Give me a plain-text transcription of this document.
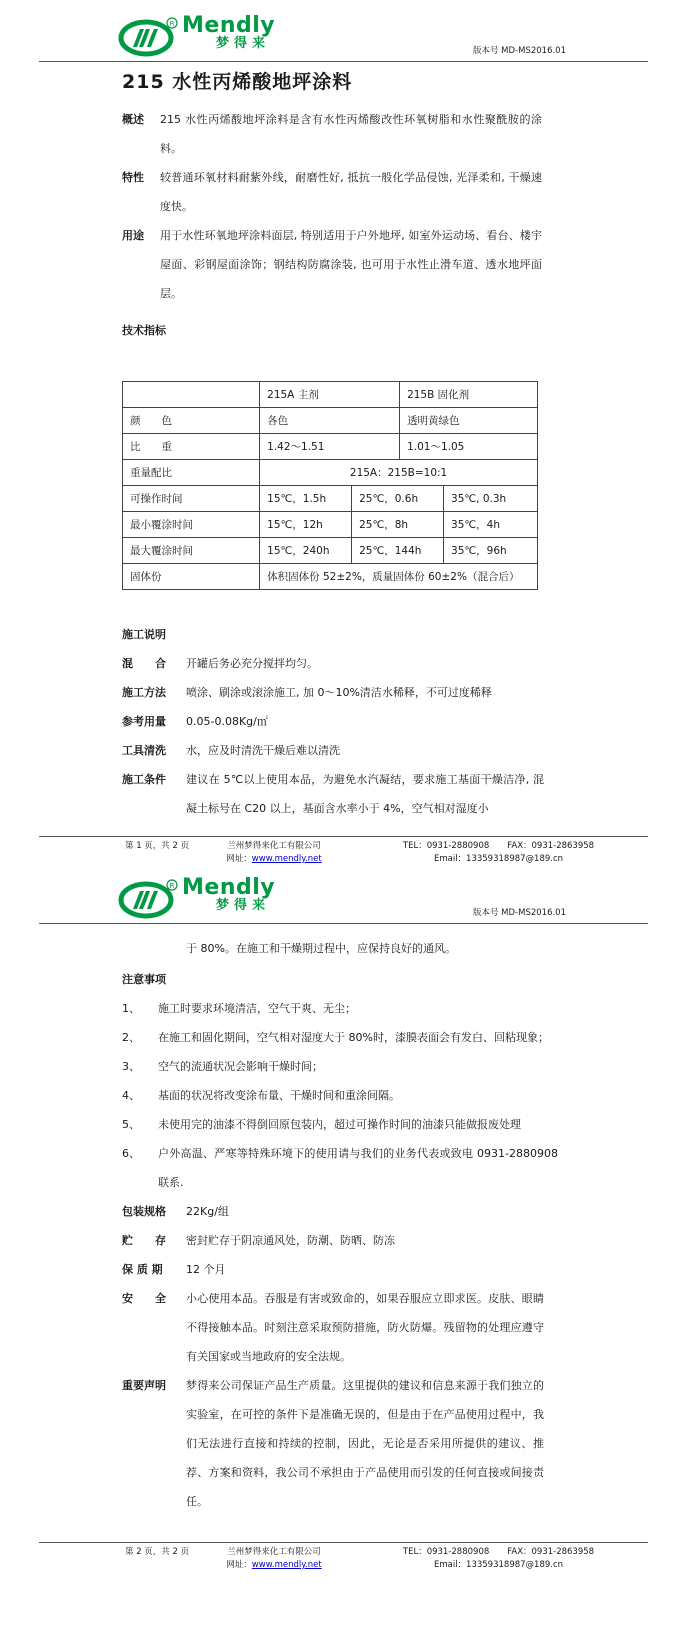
R Mendly
梦得来	版本号 MD-MS2016.01
215 水性丙烯酸地坪涂料
概述	215 水性丙烯酸地坪涂料是含有水性丙烯酸改性环氧树脂和水性聚酰胺的涂料。
特性	较普通环氧材料耐紫外线，耐磨性好, 抵抗一般化学品侵蚀, 光泽柔和, 干燥速度快。
用途	用于水性环氧地坪涂料面层, 特别适用于户外地坪, 如室外运动场、看台、楼宇屋面、彩钢屋面涂饰；钢结构防腐涂装, 也可用于水性止滑车道、透水地坪面层。
技术指标
	215A 主剂		215B 固化剂	
颜　　色	各色		透明黄绿色	
比　　重	1.42～1.51		1.01～1.05	
重量配比	215A：215B=10:1			
可操作时间	15℃，1.5h	25℃，0.6h		35℃, 0.3h
最小覆涂时间	15℃，12h	25℃，8h		35℃，4h
最大覆涂时间	15℃，240h	25℃，144h		35℃，96h
固体份	体积固体份 52±2%，质量固体份 60±2%（混合后）			
施工说明
混　　合	开罐后务必充分搅拌均匀。
施工方法	喷涂、刷涂或滚涂施工, 加 0～10%清洁水稀释，不可过度稀释
参考用量	0.05-0.08Kg/㎡
工具清洗	水，应及时清洗干燥后难以清洗
施工条件	建议在 5℃以上使用本品，为避免水汽凝结，要求施工基面干燥洁净, 混凝土标号在 C20 以上，基面含水率小于 4%，空气相对湿度小
第 1 页，共 2 页	兰州梦得来化工有限公司
网址：www.mendly.net
TEL：0931-2880908 FAX：0931-2863958
Email：13359318987@189.cn
R Mendly
梦得来	版本号 MD-MS2016.01
于 80%。在施工和干燥期过程中，应保持良好的通风。
注意事项
1、	施工时要求环境清洁，空气干爽、无尘；
2、	在施工和固化期间，空气相对湿度大于 80%时，漆膜表面会有发白、回粘现象；
3、	空气的流通状况会影响干燥时间；
4、	基面的状况将改变涂布量、干燥时间和重涂间隔。
5、	未使用完的油漆不得倒回原包装内，超过可操作时间的油漆只能做报废处理
6、	户外高温、严寒等特殊环境下的使用请与我们的业务代表或致电 0931-2880908 联系.
包装规格	22Kg/组
贮　　存	密封贮存于阴凉通风处，防潮、防晒、防冻
保 质 期	12 个月
安　　全	小心使用本品。吞服是有害或致命的，如果吞服应立即求医。皮肤、眼睛不得接触本品。时刻注意采取预防措施，防火防爆。残留物的处理应遵守有关国家或当地政府的安全法规。
重要声明	梦得来公司保证产品生产质量。这里提供的建议和信息来源于我们独立的实验室，在可控的条件下是准确无误的，但是由于在产品使用过程中，我们无法进行直接和持续的控制，因此，无论是否采用所提供的建议、推荐、方案和资料，我公司不承担由于产品使用而引发的任何直接或间接责任。
第 2 页，共 2 页	兰州梦得来化工有限公司
网址：www.mendly.net
TEL：0931-2880908 FAX：0931-2863958
Email：13359318987@189.cn
